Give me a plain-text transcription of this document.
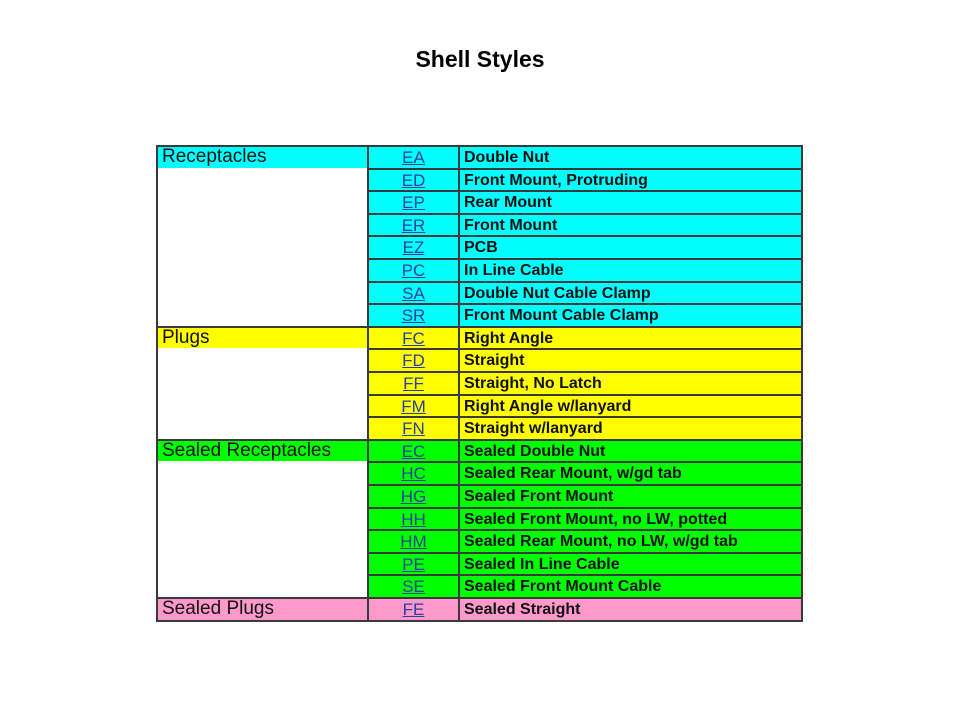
Shell Styles
Receptacles	EA	Double Nut
ED	Front Mount, Protruding
EP	Rear Mount
ER	Front Mount
EZ	PCB
PC	In Line Cable
SA	Double Nut Cable Clamp
SR	Front Mount Cable Clamp
Plugs	FC	Right Angle
FD	Straight
FF	Straight, No Latch
FM	Right Angle w/lanyard
FN	Straight w/lanyard
Sealed Receptacles	EC	Sealed Double Nut
HC	Sealed Rear Mount, w/gd tab
HG	Sealed Front Mount
HH	Sealed Front Mount, no LW, potted
HM	Sealed Rear Mount, no LW, w/gd tab
PE	Sealed In Line Cable
SE	Sealed Front Mount Cable
Sealed Plugs	FE	Sealed Straight
